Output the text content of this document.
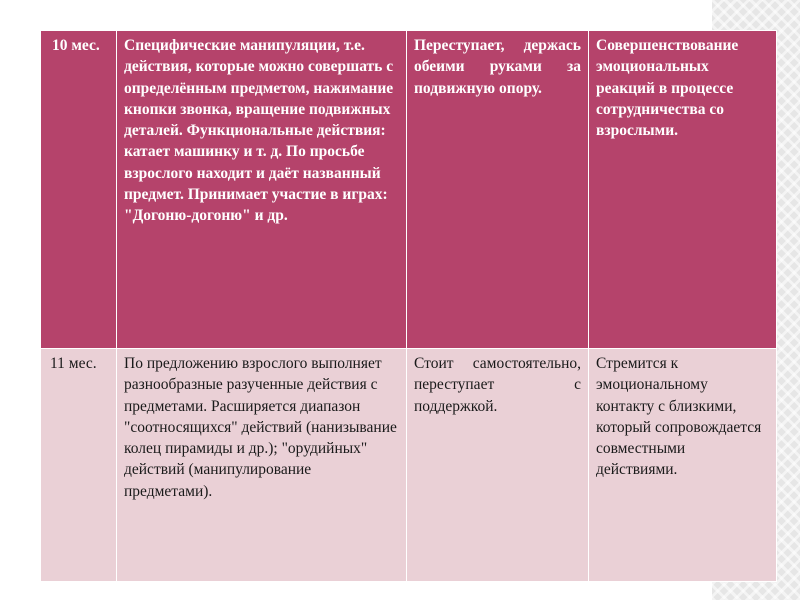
10 мес.	Специфические манипуляции, т.е. действия, которые можно совершать с определённым предметом, нажимание кнопки звонка, вращение подвижных деталей. Функциональные действия: катает машинку и т. д. По просьбе взрослого находит и даёт названный предмет. Принимает участие в играх: "Догоню-догоню" и др.	Переступает, держась обеими руками за подвижную опору.	Совершенствование эмоциональных реакций в процессе сотрудничества со взрослыми.
11 мес.	По предложению взрослого выполняет разнообразные разученные действия с предметами. Расширяется диапазон "соотносящихся" действий (нанизывание колец пирамиды и др.); "орудийных" действий (манипулирование предметами).	Стоит самостоятельно, переступает с поддержкой.	Стремится к эмоциональному контакту с близкими, который сопровождается совместными действиями.
